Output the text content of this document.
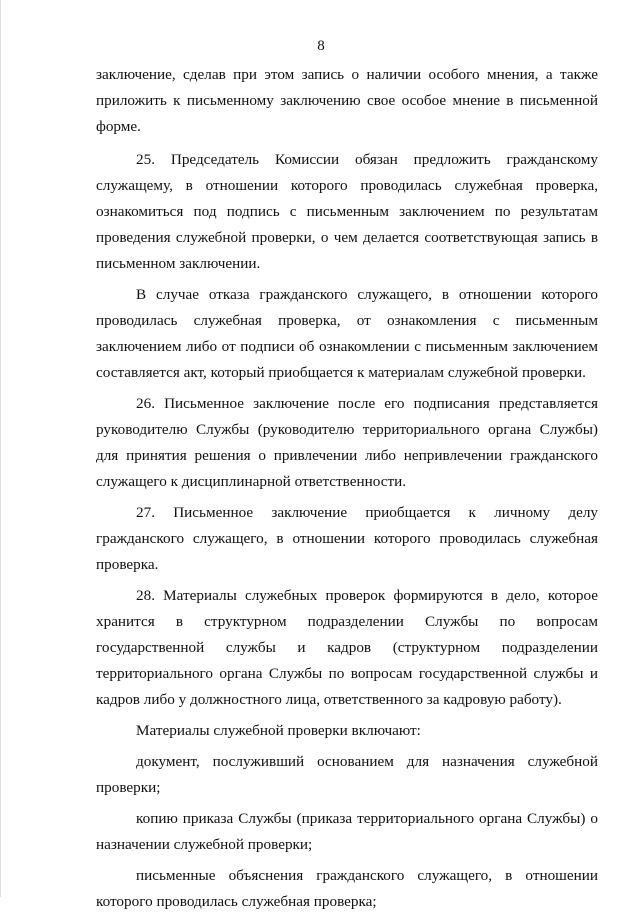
8

заключение, сделав при этом запись о наличии особого мнения, а также приложить к письменному заключению свое особое мнение в письменной форме.

25. Председатель Комиссии обязан предложить гражданскому служащему, в отношении которого проводилась служебная проверка, ознакомиться под подпись с письменным заключением по результатам проведения служебной проверки, о чем делается соответствующая запись в письменном заключении.

В случае отказа гражданского служащего, в отношении которого проводилась служебная проверка, от ознакомления с письменным заключением либо от подписи об ознакомлении с письменным заключением составляется акт, который приобщается к материалам служебной проверки.

26. Письменное заключение после его подписания представляется руководителю Службы (руководителю территориального органа Службы) для принятия решения о привлечении либо непривлечении гражданского служащего к дисциплинарной ответственности.

27. Письменное заключение приобщается к личному делу гражданского служащего, в отношении которого проводилась служебная проверка.

28. Материалы служебных проверок формируются в дело, которое хранится в структурном подразделении Службы по вопросам государственной службы и кадров (структурном подразделении территориального органа Службы по вопросам государственной службы и кадров либо у должностного лица, ответственного за кадровую работу).

Материалы служебной проверки включают:

документ, послуживший основанием для назначения служебной проверки;

копию приказа Службы (приказа территориального органа Службы) о назначении служебной проверки;

письменные объяснения гражданского служащего, в отношении которого проводилась служебная проверка;
